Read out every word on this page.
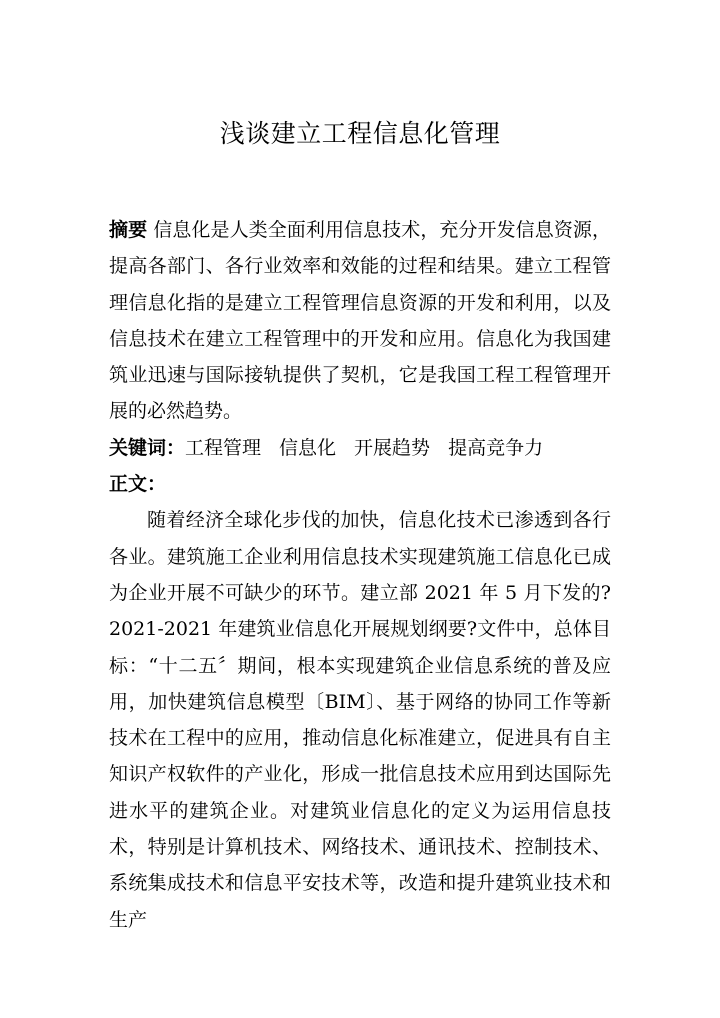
浅谈建立工程信息化管理

摘要 信息化是人类全面利用信息技术，充分开发信息资源，提高各部门、各行业效率和效能的过程和结果。建立工程管理信息化指的是建立工程管理信息资源的开发和利用，以及信息技术在建立工程管理中的开发和应用。信息化为我国建筑业迅速与国际接轨提供了契机，它是我国工程工程管理开展的必然趋势。

关键词：工程管理 信息化 开展趋势 提高竞争力

正文：

随着经济全球化步伐的加快，信息化技术已渗透到各行各业。建筑施工企业利用信息技术实现建筑施工信息化已成为企业开展不可缺少的环节。建立部 2021 年 5 月下发的?2021-2021 年建筑业信息化开展规划纲要?文件中，总体目标：“十二五〞期间，根本实现建筑企业信息系统的普及应用，加快建筑信息模型〔BIM〕、基于网络的协同工作等新技术在工程中的应用，推动信息化标准建立，促进具有自主知识产权软件的产业化，形成一批信息技术应用到达国际先进水平的建筑企业。对建筑业信息化的定义为运用信息技术，特别是计算机技术、网络技术、通讯技术、控制技术、系统集成技术和信息平安技术等，改造和提升建筑业技术和生产
